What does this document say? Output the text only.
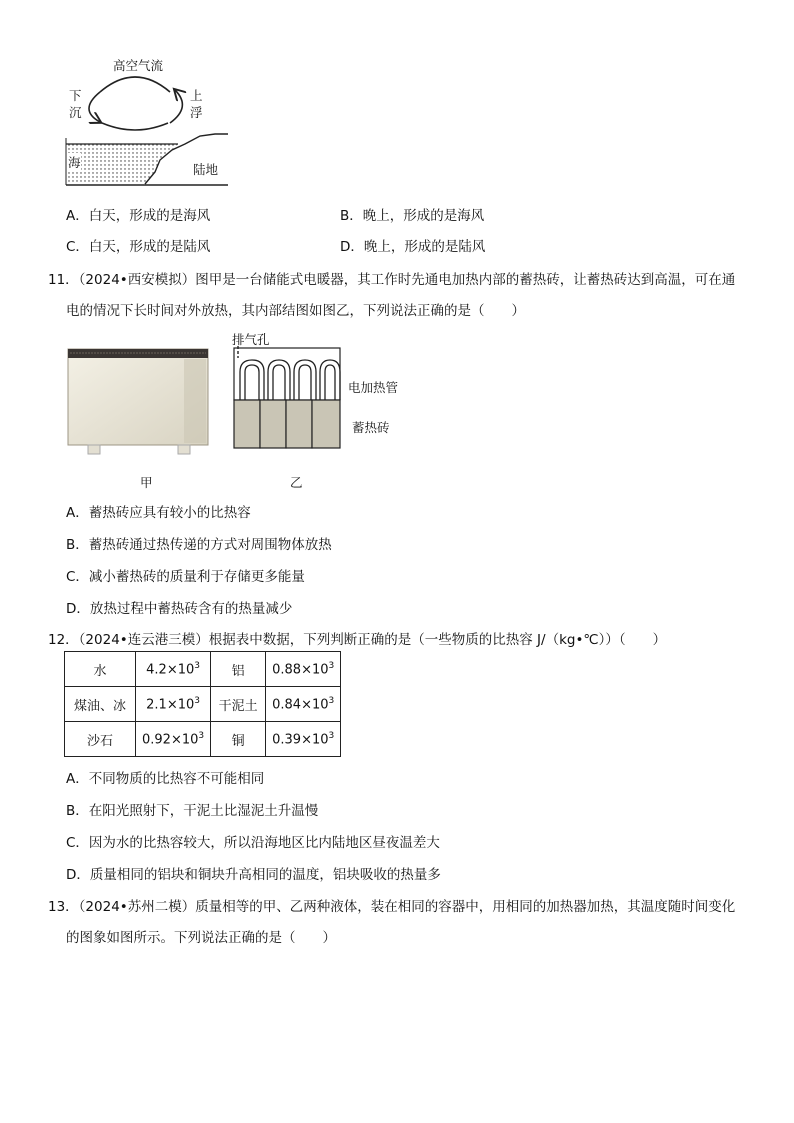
高空气流
下
沉
上
浮
海	陆地
A．白天，形成的是海风	B．晚上，形成的是海风
C．白天，形成的是陆风	D．晚上，形成的是陆风
11．（2024•西安模拟）图甲是一台储能式电暖器，其工作时先通电加热内部的蓄热砖，让蓄热砖达到高温，可在通
电的情况下长时间对外放热，其内部结图如图乙，下列说法正确的是（　　）
排气孔
电加热管
蓄热砖
甲	乙
A．蓄热砖应具有较小的比热容
B．蓄热砖通过热传递的方式对周围物体放热
C．减小蓄热砖的质量利于存储更多能量
D．放热过程中蓄热砖含有的热量减少
12．（2024•连云港三模）根据表中数据，下列判断正确的是（一些物质的比热容 J/（kg•℃））（　　）
水	$4.2\times 10^3$	铝	$0.88\times 10^3$
煤油、冰	$2.1\times 10^3$	干泥土	$0.84\times 10^3$
沙石	$0.92\times 10^3$	铜	$0.39\times 10^3$
A．不同物质的比热容不可能相同
B．在阳光照射下，干泥土比湿泥土升温慢
C．因为水的比热容较大，所以沿海地区比内陆地区昼夜温差大
D．质量相同的铝块和铜块升高相同的温度，铝块吸收的热量多
13．（2024•苏州二模）质量相等的甲、乙两种液体，装在相同的容器中，用相同的加热器加热，其温度随时间变化
的图象如图所示。下列说法正确的是（　　）
